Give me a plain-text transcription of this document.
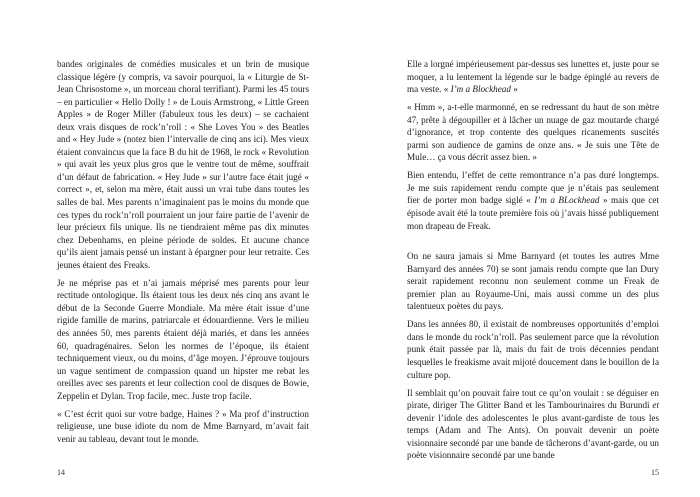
bandes originales de comédies musicales et un brin de musique classique légère (y compris, va savoir pourquoi, la « Liturgie de St-Jean Chrisostome », un morceau choral terrifiant). Parmi les 45 tours – en particulier « Hello Dolly ! » de Louis Armstrong, « Little Green Apples » de Roger Miller (fabuleux tous les deux) – se cachaient deux vrais disques de rock’n’roll : « She Loves You » des Beatles and « Hey Jude » (notez bien l’intervalle de cinq ans ici). Mes vieux étaient convaincus que la face B du hit de 1968, le rock « Revolution » qui avait les yeux plus gros que le ventre tout de même, souffrait d’un défaut de fabrication. « Hey Jude » sur l’autre face était jugé « correct », et, selon ma mère, était aussi un vrai tube dans toutes les salles de bal. Mes parents n’imaginaient pas le moins du monde que ces types du rock’n’roll pourraient un jour faire partie de l’avenir de leur précieux fils unique. Ils ne tiendraient même pas dix minutes chez Debenhams, en pleine période de soldes. Et aucune chance qu’ils aient jamais pensé un instant à épargner pour leur retraite. Ces jeunes étaient des Freaks.

Je ne méprise pas et n’ai jamais méprisé mes parents pour leur rectitude ontologique. Ils étaient tous les deux nés cinq ans avant le début de la Seconde Guerre Mondiale. Ma mère était issue d’une rigide famille de marins, patriarcale et édouardienne. Vers le milieu des années 50, mes parents étaient déjà mariés, et dans les années 60, quadragénaires. Selon les normes de l’époque, ils étaient techniquement vieux, ou du moins, d’âge moyen. J’éprouve toujours un vague sentiment de compassion quand un hipster me rebat les oreilles avec ses parents et leur collection cool de disques de Bowie, Zeppelin et Dylan. Trop facile, mec. Juste trop facile.

« C’est écrit quoi sur votre badge, Haines ? » Ma prof d’instruction religieuse, une buse idiote du nom de Mme Barnyard, m’avait fait venir au tableau, devant tout le monde.

14

Elle a lorgné impérieusement par-dessus ses lunettes et, juste pour se moquer, a lu lentement la légende sur le badge épinglé au revers de ma veste. « I’m a Blockhead »

« Hmm », a-t-elle marmonné, en se redressant du haut de son mètre 47, prête à dégoupiller et à lâcher un nuage de gaz moutarde chargé d’ignorance, et trop contente des quelques ricanements suscités parmi son audience de gamins de onze ans. « Je suis une Tête de Mule… ça vous décrit assez bien. »

Bien entendu, l’effet de cette remontrance n’a pas duré longtemps. Je me suis rapidement rendu compte que je n’étais pas seulement fier de porter mon badge siglé « I’m a BLockhead » mais que cet épisode avait été la toute première fois où j’avais hissé publiquement mon drapeau de Freak.

On ne saura jamais si Mme Barnyard (et toutes les autres Mme Barnyard des années 70) se sont jamais rendu compte que Ian Dury serait rapidement reconnu non seulement comme un Freak de premier plan au Royaume-Uni, mais aussi comme un des plus talentueux poètes du pays.

Dans les années 80, il existait de nombreuses opportunités d’emploi dans le monde du rock’n’roll. Pas seulement parce que la révolution punk était passée par là, mais du fait de trois décennies pendant lesquelles le freakisme avait mijoté doucement dans le bouillon de la culture pop.

Il semblait qu’on pouvait faire tout ce qu’on voulait : se déguiser en pirate, diriger The Glitter Band et les Tambourinaires du Burundi et devenir l’idole des adolescentes le plus avant-gardiste de tous les temps (Adam and The Ants). On pouvait devenir un poète visionnaire secondé par une bande de tâcherons d’avant-garde, ou un poète visionnaire secondé par une bande

15
